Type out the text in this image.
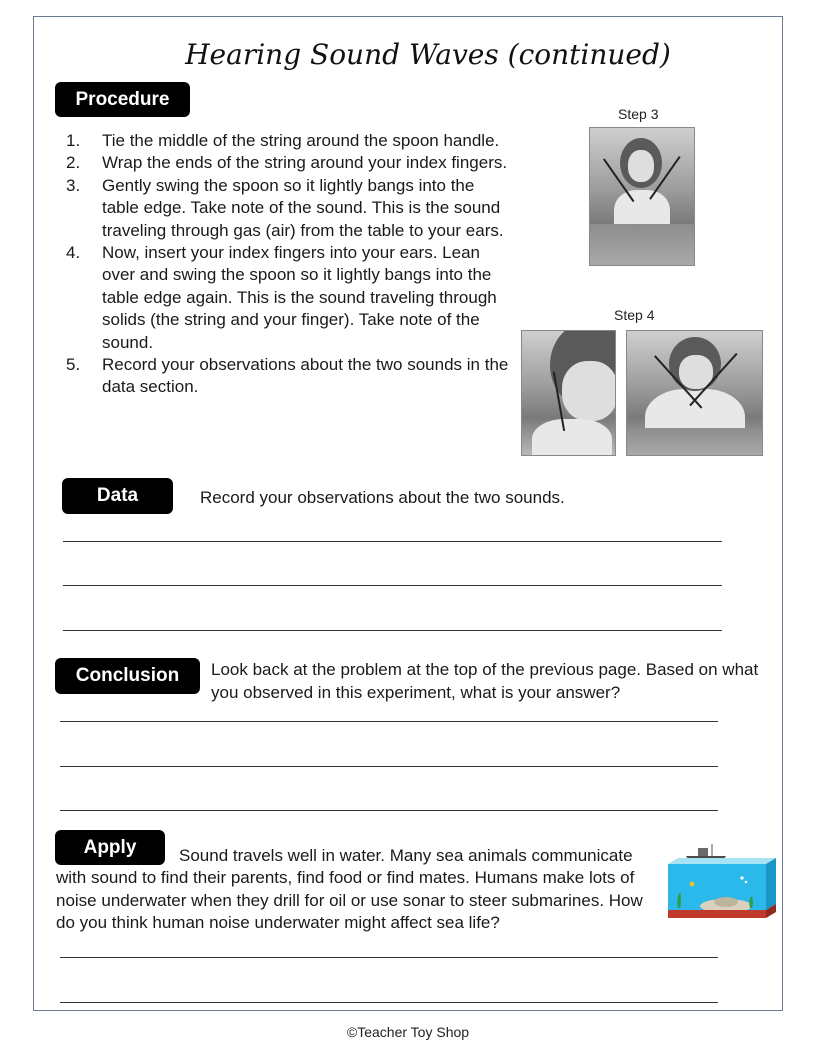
Hearing Sound Waves (continued)
Procedure
1. Tie the middle of the string around the spoon handle.
2. Wrap the ends of the string around your index fingers.
3. Gently swing the spoon so it lightly bangs into the table edge. Take note of the sound. This is the sound traveling through gas (air) from the table to your ears.
4. Now, insert your index fingers into your ears. Lean over and swing the spoon so it lightly bangs into the table edge again. This is the sound traveling through solids (the string and your finger). Take note of the sound.
5. Record your observations about the two sounds in the data section.
Step 3
Step 4
Data	Record your observations about the two sounds.
Conclusion	Look back at the problem at the top of the previous page. Based on what you observed in this experiment, what is your answer?
Apply	Sound travels well in water. Many sea animals communicate with sound to find their parents, find food or find mates. Humans make lots of noise underwater when they drill for oil or use sonar to steer submarines. How do you think human noise underwater might affect sea life?
©Teacher Toy Shop
